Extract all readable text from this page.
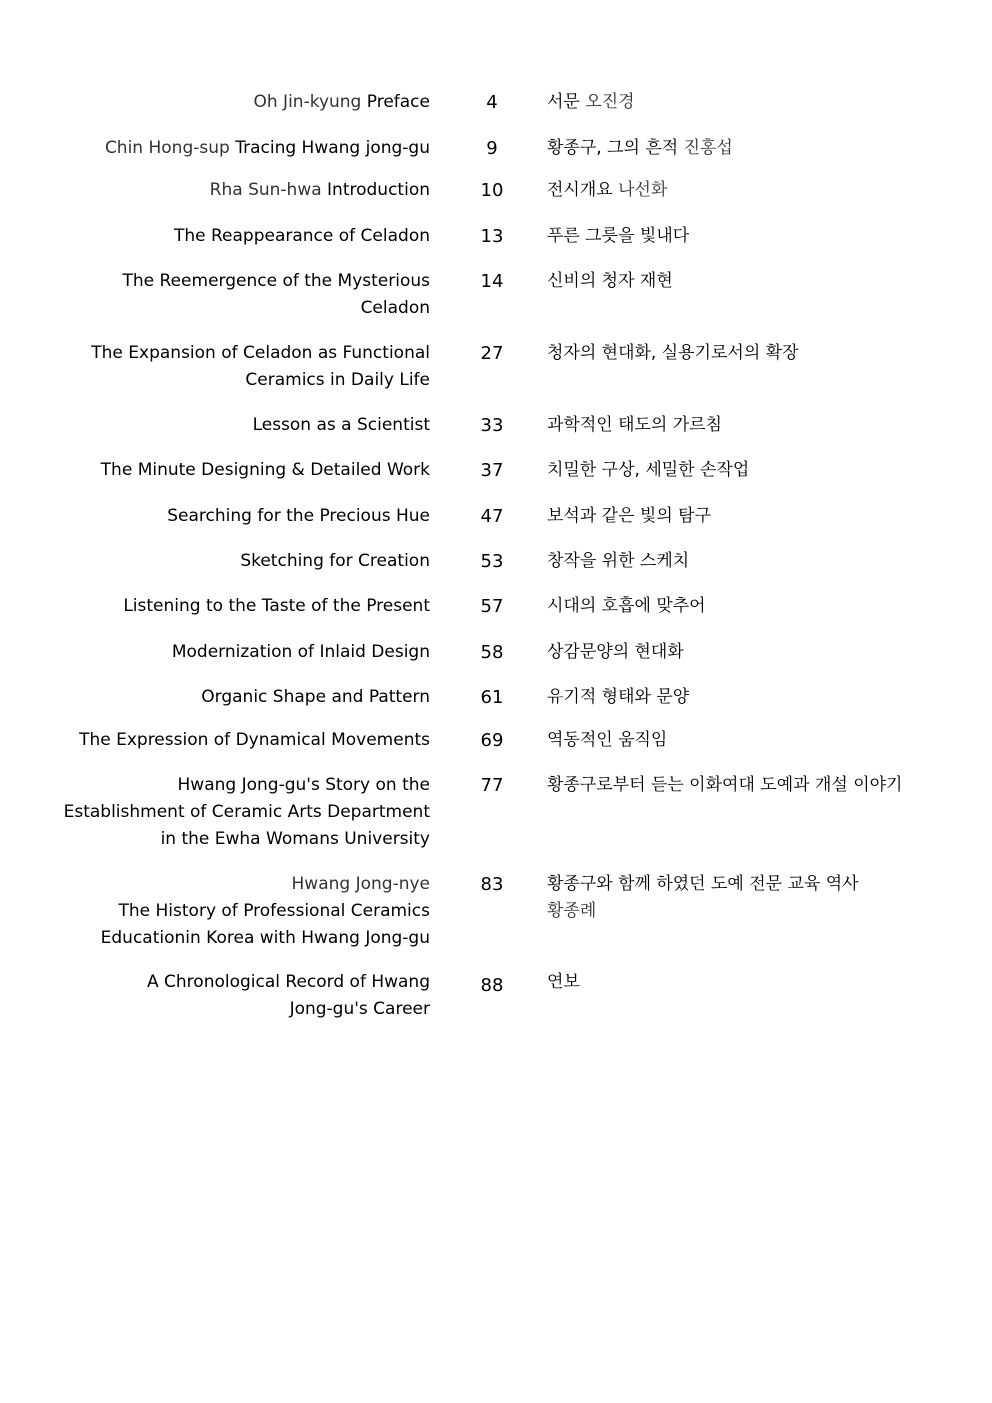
Oh Jin-kyung Preface	4	서문 오진경
Chin Hong-sup Tracing Hwang jong-gu	9	황종구, 그의 흔적 진홍섭
Rha Sun-hwa Introduction	10	전시개요 나선화
The Reappearance of Celadon	13	푸른 그릇을 빛내다
The Reemergence of the Mysterious
Celadon
14	신비의 청자 재현
The Expansion of Celadon as Functional
Ceramics in Daily Life
27	청자의 현대화, 실용기로서의 확장
Lesson as a Scientist	33	과학적인 태도의 가르침
The Minute Designing & Detailed Work	37	치밀한 구상, 세밀한 손작업
Searching for the Precious Hue	47	보석과 같은 빛의 탐구
Sketching for Creation	53	창작을 위한 스케치
Listening to the Taste of the Present	57	시대의 호흡에 맞추어
Modernization of Inlaid Design	58	상감문양의 현대화
Organic Shape and Pattern	61	유기적 형태와 문양
The Expression of Dynamical Movements	69	역동적인 움직임
Hwang Jong-gu's Story on the
Establishment of Ceramic Arts Department
in the Ewha Womans University
77	황종구로부터 듣는 이화여대 도예과 개설 이야기
Hwang Jong-nye
The History of Professional Ceramics
Educationin Korea with Hwang Jong-gu
83	황종구와 함께 하였던 도예 전문 교육 역사
황종례
A Chronological Record of Hwang
Jong-gu's Career
88	연보
